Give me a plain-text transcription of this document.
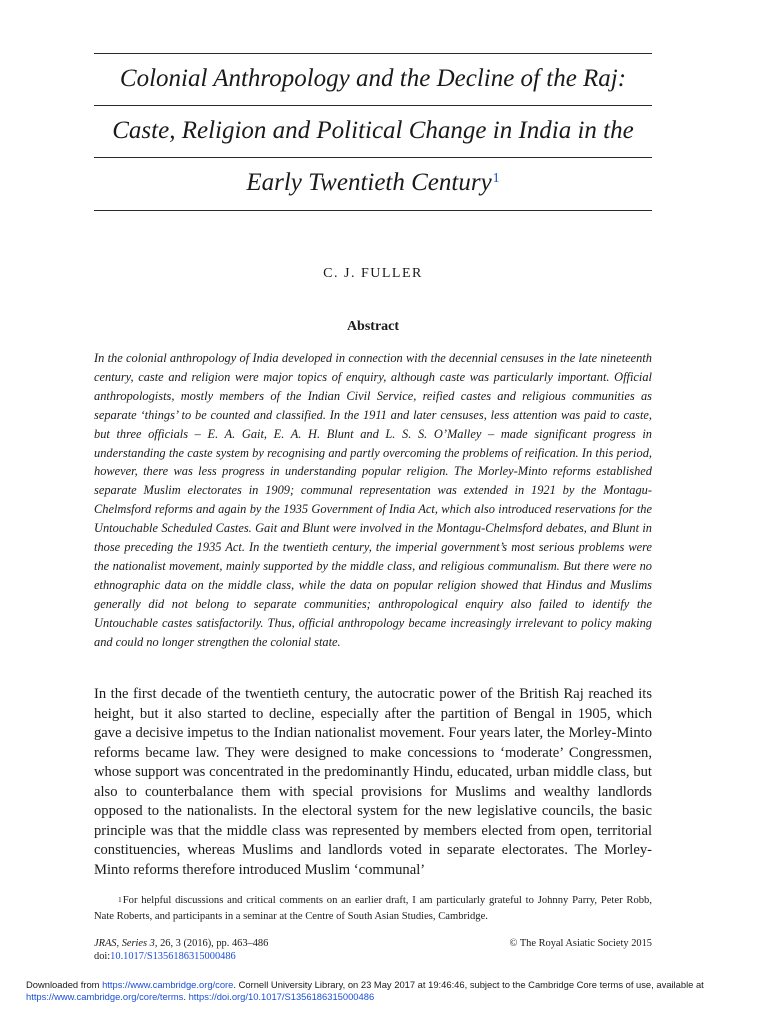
Colonial Anthropology and the Decline of the Raj:
Caste, Religion and Political Change in India in the
Early Twentieth Century$^1$
C. J. FULLER
Abstract

In the colonial anthropology of India developed in connection with the decennial censuses in the late nineteenth century, caste and religion were major topics of enquiry, although caste was particularly important. Official anthropologists, mostly members of the Indian Civil Service, reified castes and religious communities as separate ‘things’ to be counted and classified. In the 1911 and later censuses, less attention was paid to caste, but three officials – E. A. Gait, E. A. H. Blunt and L. S. S. O’Malley – made significant progress in understanding the caste system by recognising and partly overcoming the problems of reification. In this period, however, there was less progress in understanding popular religion. The Morley-Minto reforms established separate Muslim electorates in 1909; communal representation was extended in 1921 by the Montagu-Chelmsford reforms and again by the 1935 Government of India Act, which also introduced reservations for the Untouchable Scheduled Castes. Gait and Blunt were involved in the Montagu-Chelmsford debates, and Blunt in those preceding the 1935 Act. In the twentieth century, the imperial government’s most serious problems were the nationalist movement, mainly supported by the middle class, and religious communalism. But there were no ethnographic data on the middle class, while the data on popular religion showed that Hindus and Muslims generally did not belong to separate communities; anthropological enquiry also failed to identify the Untouchable castes satisfactorily. Thus, official anthropology became increasingly irrelevant to policy making and could no longer strengthen the colonial state.

In the first decade of the twentieth century, the autocratic power of the British Raj reached its height, but it also started to decline, especially after the partition of Bengal in 1905, which gave a decisive impetus to the Indian nationalist movement. Four years later, the Morley-Minto reforms became law. They were designed to make concessions to ‘moderate’ Congressmen, whose support was concentrated in the predominantly Hindu, educated, urban middle class, but also to counterbalance them with special provisions for Muslims and wealthy landlords opposed to the nationalists. In the electoral system for the new legislative councils, the basic principle was that the middle class was represented by members elected from open, territorial constituencies, whereas Muslims and landlords voted in separate electorates. The Morley-Minto reforms therefore introduced Muslim ‘communal’

$^1$For helpful discussions and critical comments on an earlier draft, I am particularly grateful to Johnny Parry, Peter Robb, Nate Roberts, and participants in a seminar at the Centre of South Asian Studies, Cambridge.

JRAS, Series 3, 26, 3 (2016), pp. 463–486	© The Royal Asiatic Society 2015
doi:10.1017/S1356186315000486

Downloaded from https://www.cambridge.org/core. Cornell University Library, on 23 May 2017 at 19:46:46, subject to the Cambridge Core terms of use, available at https://www.cambridge.org/core/terms. https://doi.org/10.1017/S1356186315000486
